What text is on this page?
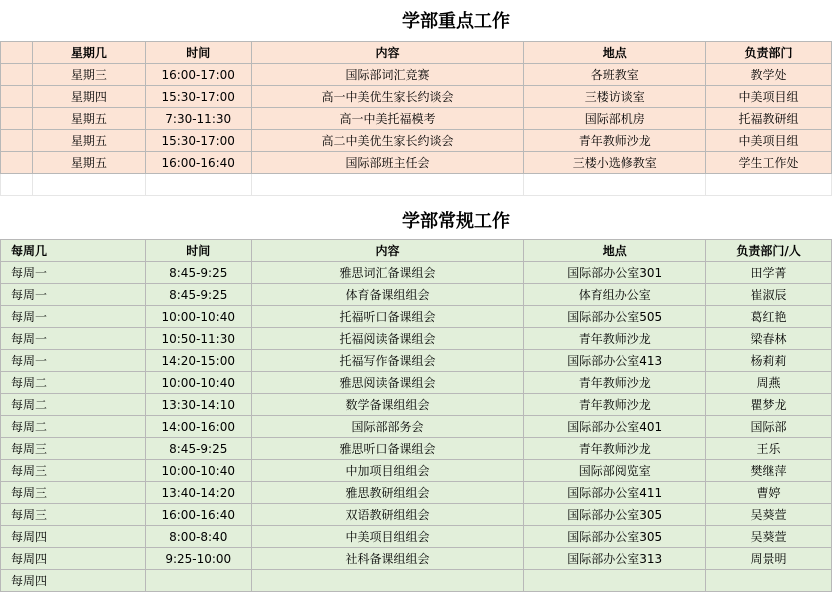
学部重点工作
	星期几	时间	内容	地点	负责部门
	星期三	16:00-17:00	国际部词汇竞赛	各班教室	教学处
	星期四	15:30-17:00	高一中美优生家长约谈会	三楼访谈室	中美项目组
	星期五	7:30-11:30	高一中美托福模考	国际部机房	托福教研组
	星期五	15:30-17:00	高二中美优生家长约谈会	青年教师沙龙	中美项目组
	星期五	16:00-16:40	国际部班主任会	三楼小选修教室	学生工作处

学部常规工作
每周几	时间	内容	地点	负责部门/人
每周一	8:45-9:25	雅思词汇备课组会	国际部办公室301	田学菁
每周一	8:45-9:25	体育备课组组会	体育组办公室	崔淑辰
每周一	10:00-10:40	托福听口备课组会	国际部办公室505	葛红艳
每周一	10:50-11:30	托福阅读备课组会	青年教师沙龙	梁春林
每周一	14:20-15:00	托福写作备课组会	国际部办公室413	杨莉莉
每周二	10:00-10:40	雅思阅读备课组会	青年教师沙龙	周燕
每周二	13:30-14:10	数学备课组组会	青年教师沙龙	瞿梦龙
每周二	14:00-16:00	国际部部务会	国际部办公室401	国际部
每周三	8:45-9:25	雅思听口备课组会	青年教师沙龙	王乐
每周三	10:00-10:40	中加项目组组会	国际部阅览室	樊继萍
每周三	13:40-14:20	雅思教研组组会	国际部办公室411	曹婷
每周三	16:00-16:40	双语教研组组会	国际部办公室305	吴葵萱
每周四	8:00-8:40	中美项目组组会	国际部办公室305	吴葵萱
每周四	9:25-10:00	社科备课组组会	国际部办公室313	周景明
每周四				
